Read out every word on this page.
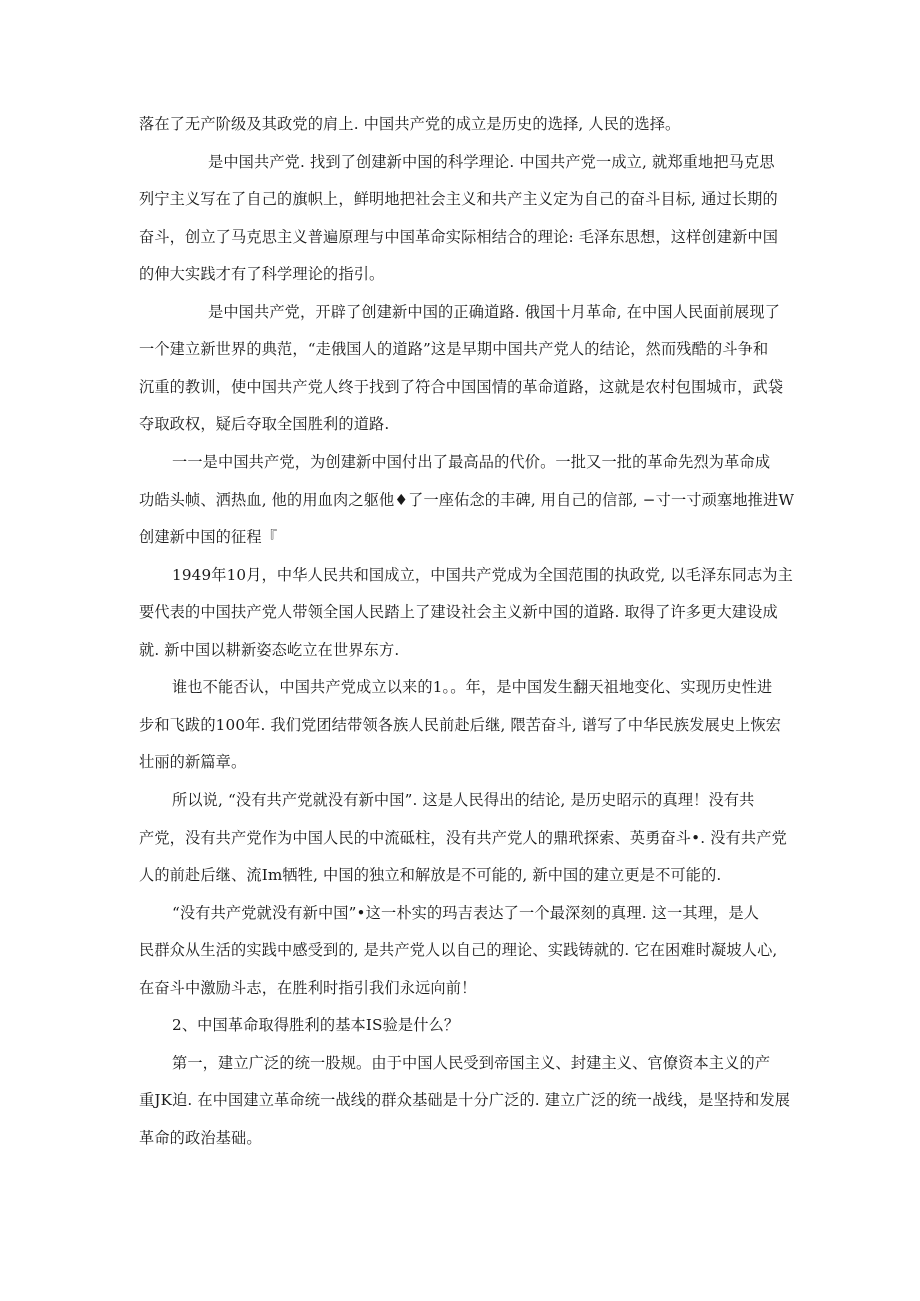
落在了无产阶级及其政党的肩上. 中国共产党的成立是历史的选择, 人民的选择。
是中国共产党. 找到了创建新中国的科学理论. 中国共产党一成立, 就郑重地把马克思
列宁主义写在了自己的旗帜上，鲜明地把社会主义和共产主义定为自己的奋斗目标, 通过长期的
奋斗，创立了马克思主义普遍原理与中国革命实际相结合的理论: 毛泽东思想，这样创建新中国
的伸大实践才有了科学理论的指引。
是中国共产党，开辟了创建新中国的正确道路. 俄国十月革命, 在中国人民面前展现了
一个建立新世界的典范，“走俄国人的道路”这是早期中国共产党人的结论，然而残酷的斗争和
沉重的教训，使中国共产党人终于找到了符合中国国情的革命道路，这就是农村包围城市，武袋
夺取政权，疑后夺取全国胜利的道路.
一一是中国共产党，为创建新中国付出了最高品的代价。一批又一批的革命先烈为革命成
功皓头帧、洒热血, 他的用血肉之躯他♦了一座佑念的丰碑, 用自己的信部, −寸一寸顽塞地推进W
创建新中国的征程『
1949年10月，中华人民共和国成立，中国共产党成为全国范围的执政党, 以毛泽东同志为主
要代表的中国扶产党人带领全国人民踏上了建设社会主义新中国的道路. 取得了许多更大建设成
就. 新中国以耕新姿态屹立在世界东方.
谁也不能否认，中国共产党成立以来的1。。年，是中国发生翻天祖地变化、实现历史性进
步和飞跋的100年. 我们党团结带领各族人民前赴后继, 隈苦奋斗, 谱写了中华民族发展史上恢宏
壮丽的新篇章。
所以说, “没有共产党就没有新中国”. 这是人民得出的结论, 是历史昭示的真理！没有共
产党，没有共产党作为中国人民的中流砥柱，没有共产党人的鼎玳探索、英勇奋斗•. 没有共产党
人的前赴后继、流Im牺牲, 中国的独立和解放是不可能的, 新中国的建立更是不可能的.
“没有共产党就没有新中国”•这一朴实的玛吉表达了一个最深刻的真理. 这一其理，是人
民群众从生活的实践中感受到的, 是共产党人以自己的理论、实践铸就的. 它在困难时凝坡人心,
在奋斗中激励斗志，在胜利时指引我们永远向前！
2、中国革命取得胜利的基本IS验是什么？
第一，建立广泛的统一股规。由于中国人民受到帝国主义、封建主义、官僚资本主义的产
重JK迫. 在中国建立革命统一战线的群众基础是十分广泛的. 建立广泛的统一战线，是坚持和发展
革命的政治基础。
